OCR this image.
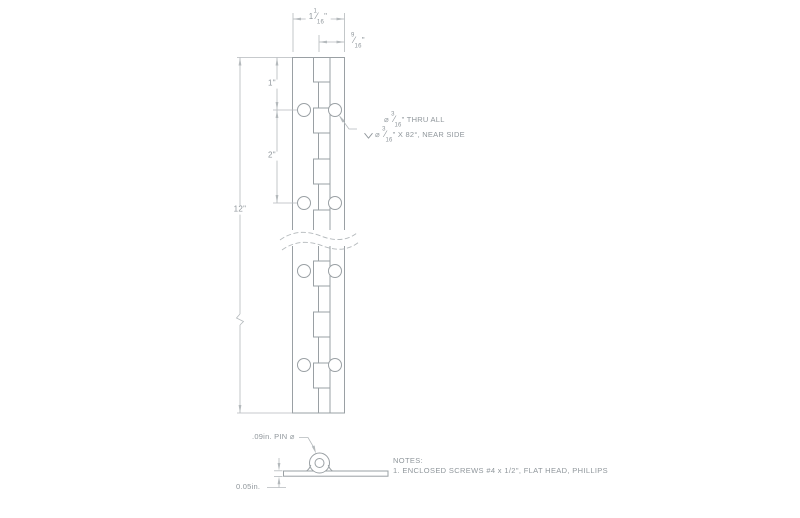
$1^1⁄_{16}$"
$^9⁄_{16}$"
12"
1"
2"
⌀ $^3⁄_{16}$" THRU ALL
⌀ $^3⁄_{16}$" X 82°, NEAR SIDE
.09in. PIN ⌀
0.05in.
NOTES:
1. ENCLOSED SCREWS #4 x 1/2", FLAT HEAD, PHILLIPS
